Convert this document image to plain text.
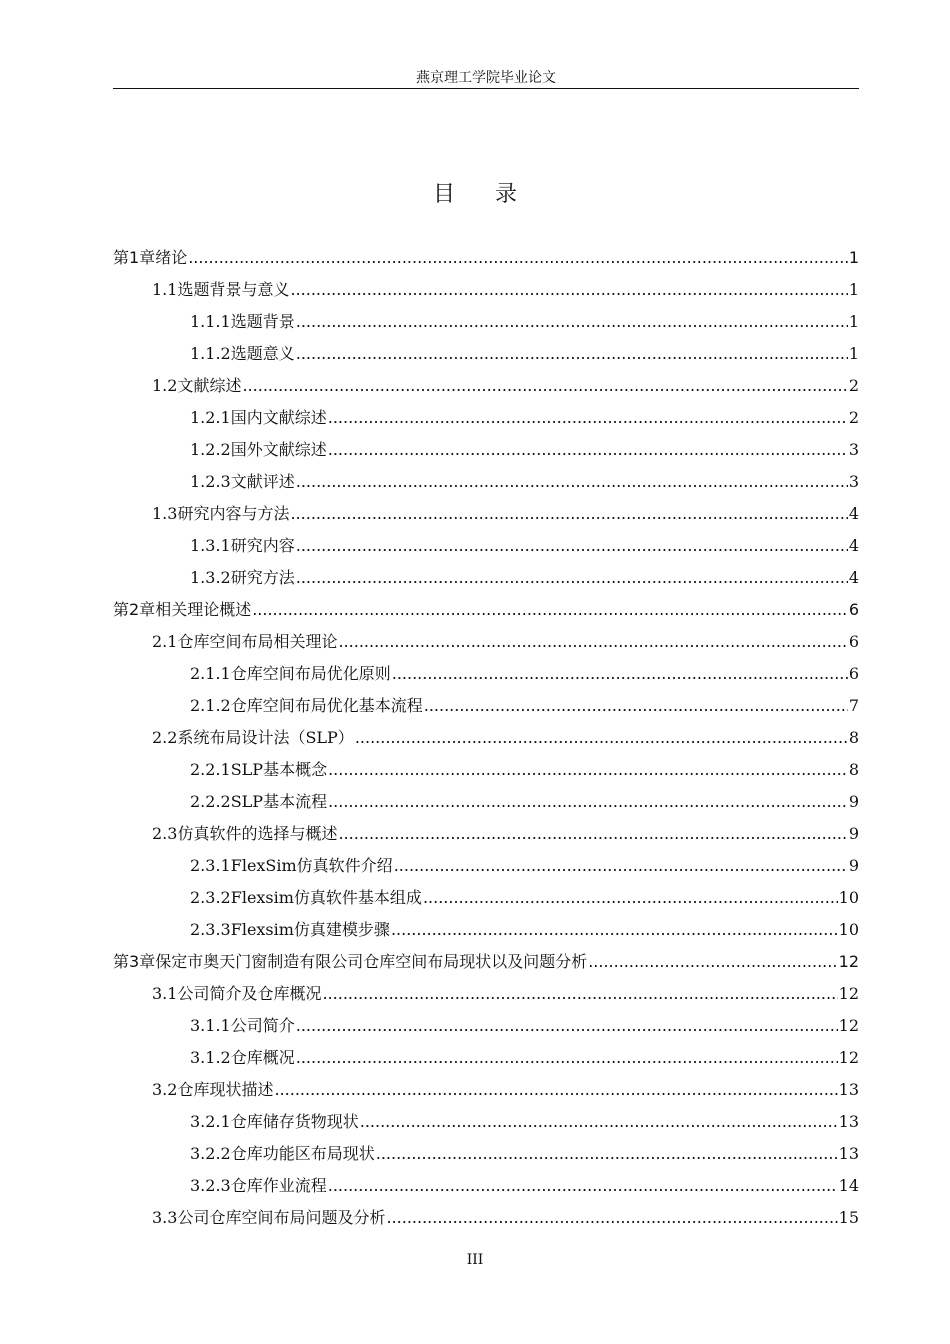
燕京理工学院毕业论文
目录
第1章 绪论 .....	1
1.1 选题背景与意义 .....	1
1.1.1 选题背景 .....	1
1.1.2 选题意义 .....	1
1.2 文献综述 .....	2
1.2.1 国内文献综述 .....	2
1.2.2 国外文献综述 .....	3
1.2.3 文献评述 .....	3
1.3 研究内容与方法 .....	4
1.3.1 研究内容 .....	4
1.3.2 研究方法 .....	4
第2章 相关理论概述 .....	6
2.1 仓库空间布局相关理论 .....	6
2.1.1 仓库空间布局优化原则 .....	6
2.1.2 仓库空间布局优化基本流程 .....	7
2.2 系统布局设计法（SLP） .....	8
2.2.1 SLP基本概念 .....	8
2.2.2 SLP基本流程 .....	9
2.3 仿真软件的选择与概述 .....	9
2.3.1 FlexSim仿真软件介绍 .....	9
2.3.2 Flexsim仿真软件基本组成 .....	10
2.3.3 Flexsim仿真建模步骤 .....	10
第3章 保定市奥天门窗制造有限公司仓库空间布局现状以及问题分析 .....	12
3.1 公司简介及仓库概况 .....	12
3.1.1 公司简介 .....	12
3.1.2 仓库概况 .....	12
3.2 仓库现状描述 .....	13
3.2.1 仓库储存货物现状 .....	13
3.2.2 仓库功能区布局现状 .....	13
3.2.3 仓库作业流程 .....	14
3.3 公司仓库空间布局问题及分析 .....	15
III
